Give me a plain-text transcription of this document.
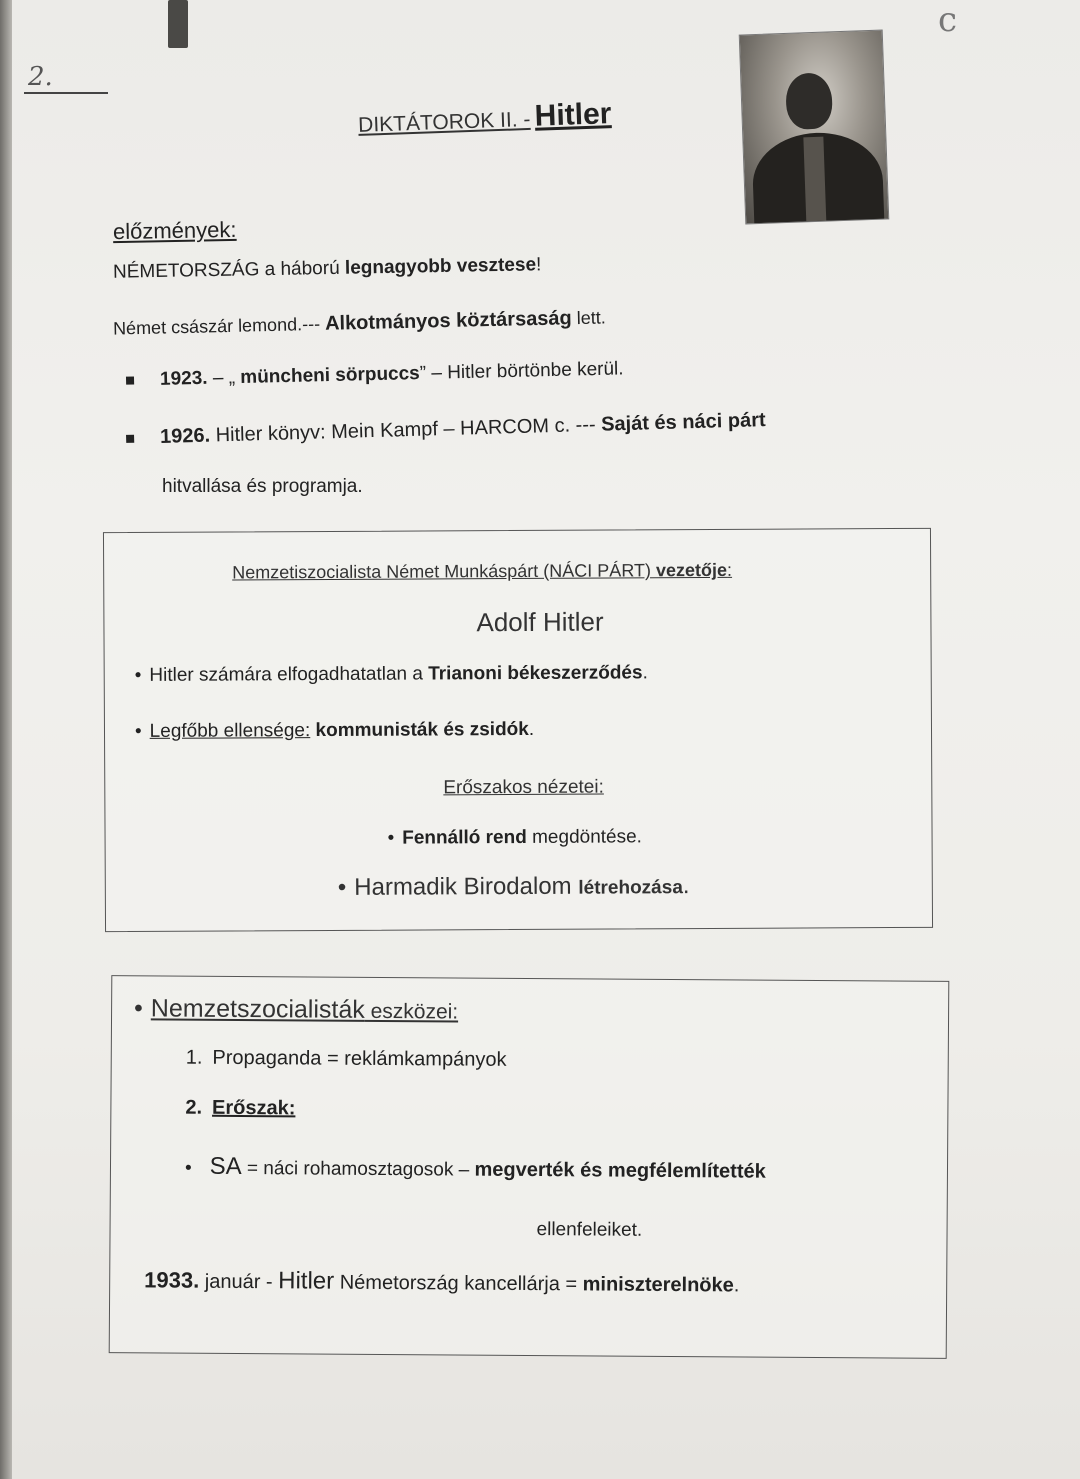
2.
c
DIKTÁTOROK II. - Hitler
előzmények:
NÉMETORSZÁG a háború legnagyobb vesztese!
Német császár lemond.--- Alkotmányos köztársaság lett.
1923. – „ müncheni sörpuccs” – Hitler börtönbe kerül.
1926. Hitler könyv: Mein Kampf – HARCOM c. --- Saját és náci párt
hitvallása és programja.
Nemzetiszocialista Német Munkáspárt (NÁCI PÁRT) vezetője:
Adolf Hitler
• Hitler számára elfogadhatatlan a Trianoni békeszerződés.
• Legfőbb ellensége: kommunisták és zsidók.
Erőszakos nézetei:
• Fennálló rend megdöntése.
• Harmadik Birodalom létrehozása.
• Nemzetszocialisták eszközei:
1. Propaganda = reklámkampányok
2. Erőszak:
• SA = náci rohamosztagosok – megverték és megfélemlítették
ellenfeleiket.
1933. január - Hitler Németország kancellárja = miniszterelnöke.
